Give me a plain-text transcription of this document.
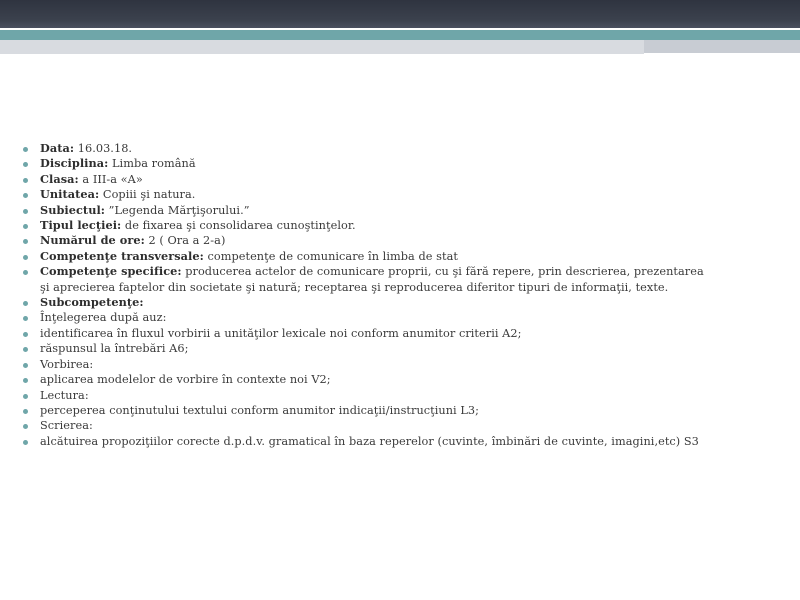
Data: 16.03.18.
Disciplina: Limba română
Clasa: a III-a «A»
Unitatea: Copiii şi natura.
Subiectul: ”Legenda Mărţişorului.”
Tipul lecţiei: de fixarea şi consolidarea cunoştinţelor.
Numărul de ore: 2 ( Ora a 2-a)
Competenţe transversale: competenţe de comunicare în limba de stat
Competenţe specifice: producerea actelor de comunicare proprii, cu şi fără repere, prin descrierea, prezentarea şi aprecierea faptelor din societate şi natură; receptarea şi reproducerea diferitor tipuri de informaţii, texte.
Subcompetenţe:
Înţelegerea după auz:
identificarea în fluxul vorbirii a unităţilor lexicale noi conform anumitor criterii A2;
răspunsul la întrebări A6;
Vorbirea:
aplicarea modelelor de vorbire în contexte noi V2;
Lectura:
perceperea conţinutului textului conform anumitor indicaţii/instrucţiuni L3;
Scrierea:
alcătuirea propoziţiilor corecte d.p.d.v. gramatical în baza reperelor (cuvinte, îmbinări de cuvinte, imagini,etc) S3
